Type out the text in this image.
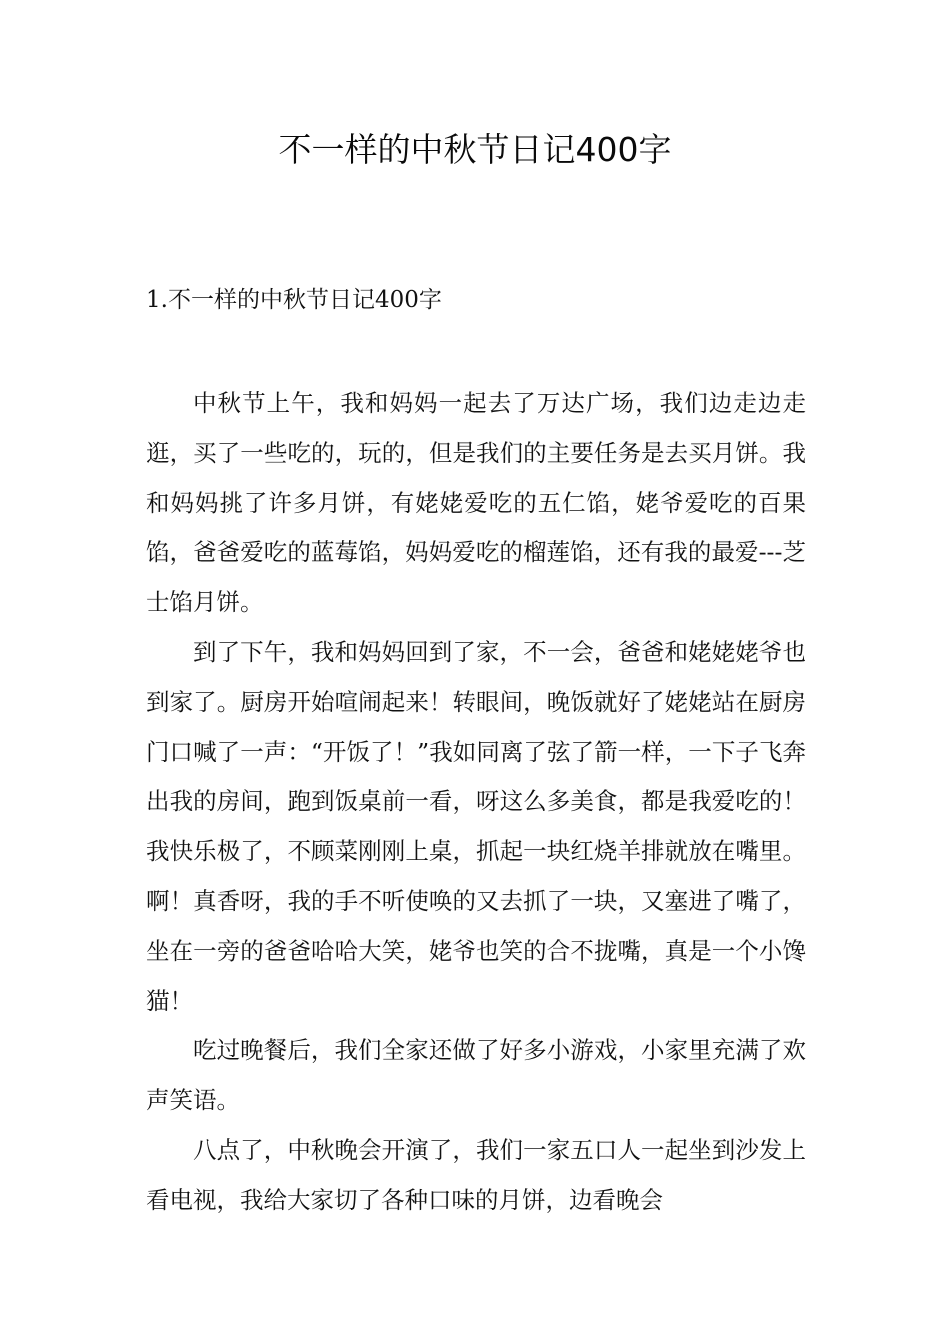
不一样的中秋节日记400字
1.不一样的中秋节日记400字

中秋节上午，我和妈妈一起去了万达广场，我们边走边走逛，买了一些吃的，玩的，但是我们的主要任务是去买月饼。我和妈妈挑了许多月饼，有姥姥爱吃的五仁馅，姥爷爱吃的百果馅，爸爸爱吃的蓝莓馅，妈妈爱吃的榴莲馅，还有我的最爱---芝士馅月饼。

到了下午，我和妈妈回到了家，不一会，爸爸和姥姥姥爷也到家了。厨房开始喧闹起来！转眼间，晚饭就好了姥姥站在厨房门口喊了一声：“开饭了！”我如同离了弦了箭一样，一下子飞奔出我的房间，跑到饭桌前一看，呀这么多美食，都是我爱吃的！我快乐极了，不顾菜刚刚上桌，抓起一块红烧羊排就放在嘴里。啊！真香呀，我的手不听使唤的又去抓了一块，又塞进了嘴了，坐在一旁的爸爸哈哈大笑，姥爷也笑的合不拢嘴，真是一个小馋猫！

吃过晚餐后，我们全家还做了好多小游戏，小家里充满了欢声笑语。

八点了，中秋晚会开演了，我们一家五口人一起坐到沙发上看电视，我给大家切了各种口味的月饼，边看晚会
